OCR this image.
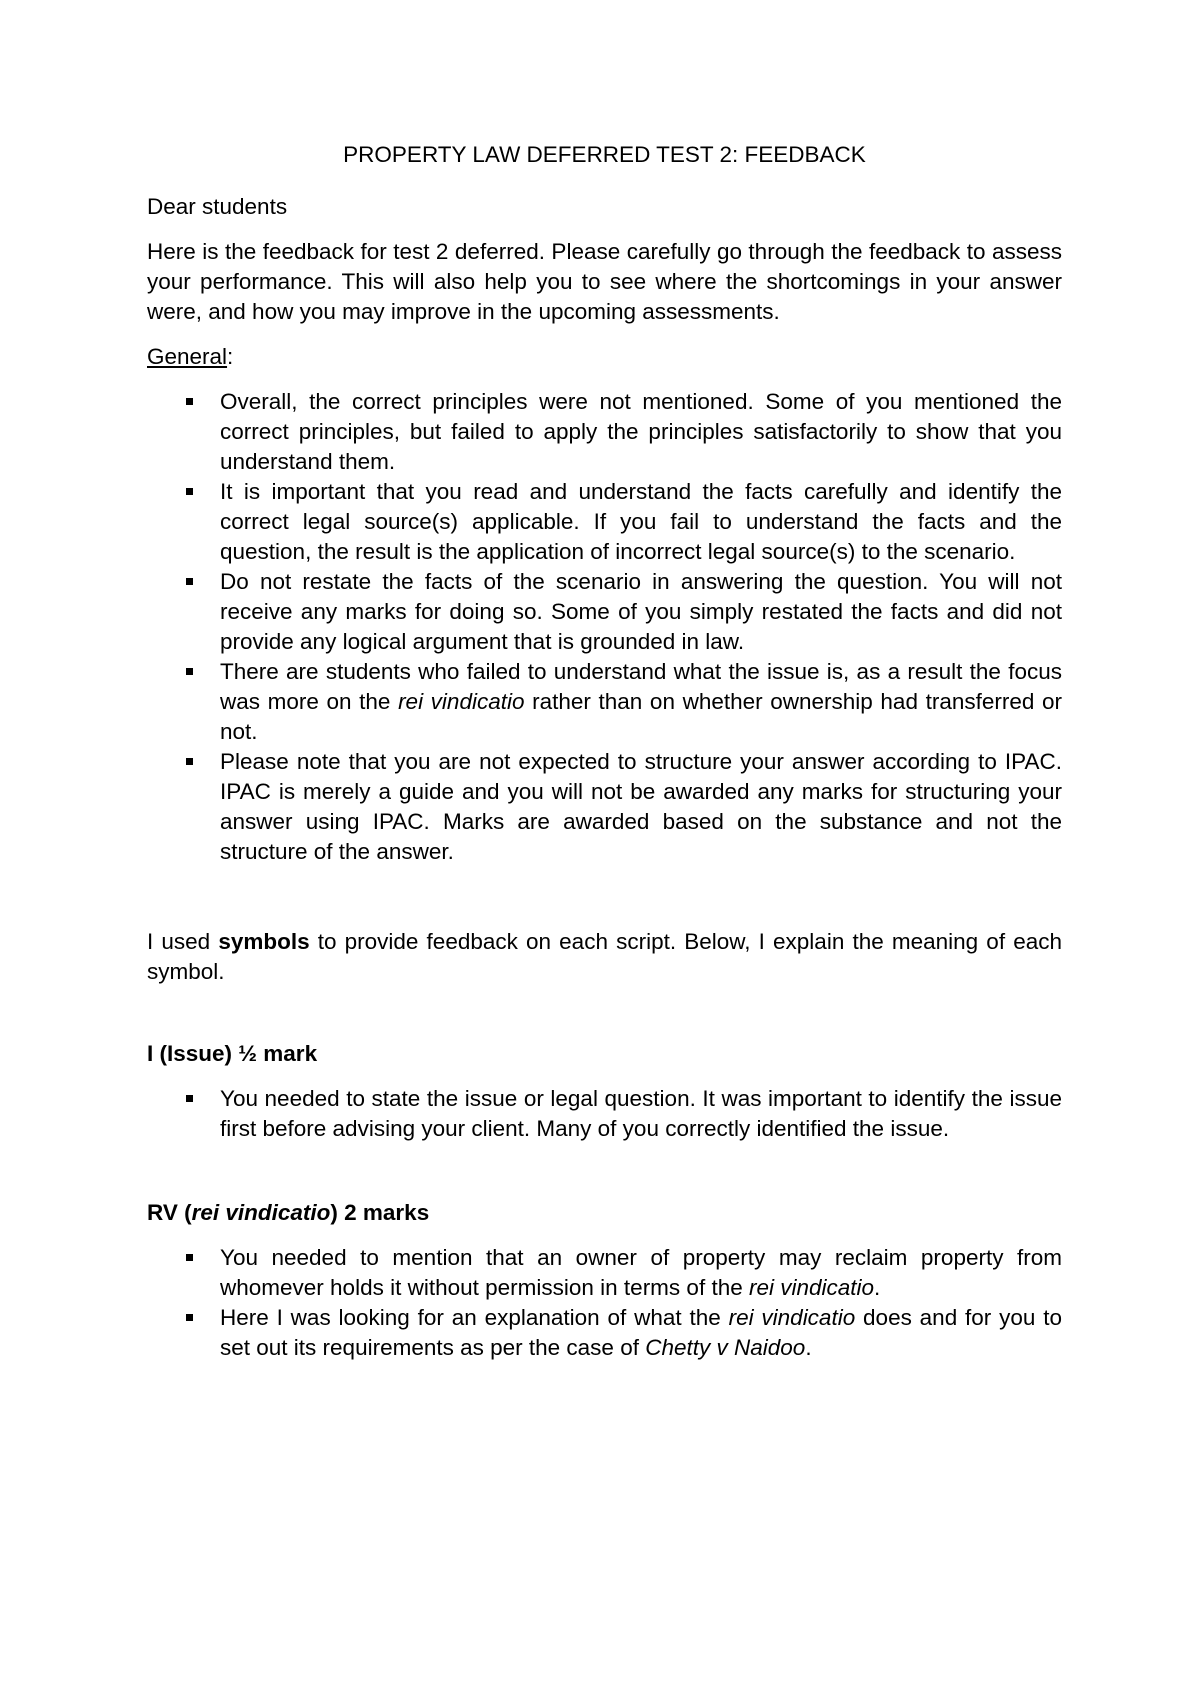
PROPERTY LAW DEFERRED TEST 2: FEEDBACK

Dear students

Here is the feedback for test 2 deferred. Please carefully go through the feedback to assess your performance. This will also help you to see where the shortcomings in your answer were, and how you may improve in the upcoming assessments.

General:

Overall, the correct principles were not mentioned. Some of you mentioned the correct principles, but failed to apply the principles satisfactorily to show that you understand them.
It is important that you read and understand the facts carefully and identify the correct legal source(s) applicable. If you fail to understand the facts and the question, the result is the application of incorrect legal source(s) to the scenario.
Do not restate the facts of the scenario in answering the question. You will not receive any marks for doing so. Some of you simply restated the facts and did not provide any logical argument that is grounded in law.
There are students who failed to understand what the issue is, as a result the focus was more on the rei vindicatio rather than on whether ownership had transferred or not.
Please note that you are not expected to structure your answer according to IPAC. IPAC is merely a guide and you will not be awarded any marks for structuring your answer using IPAC. Marks are awarded based on the substance and not the structure of the answer.

I used symbols to provide feedback on each script. Below, I explain the meaning of each symbol.

I (Issue) ½ mark

You needed to state the issue or legal question. It was important to identify the issue first before advising your client. Many of you correctly identified the issue.

RV (rei vindicatio) 2 marks

You needed to mention that an owner of property may reclaim property from whomever holds it without permission in terms of the rei vindicatio.
Here I was looking for an explanation of what the rei vindicatio does and for you to set out its requirements as per the case of Chetty v Naidoo.
